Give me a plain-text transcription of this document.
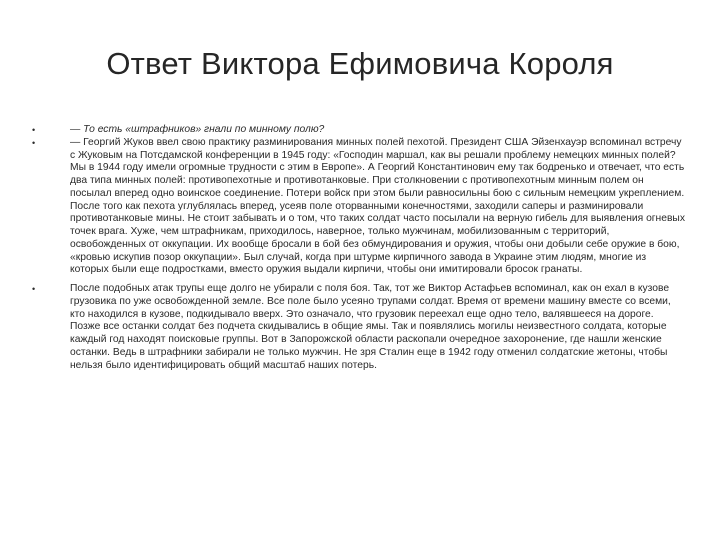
Ответ Виктора Ефимовича Короля
•	— То есть «штрафников» гнали по минному полю?
•	— Георгий Жуков ввел свою практику разминирования минных полей пехотой. Президент США Эйзенхауэр вспоминал встречу с Жуковым на Потсдамской конференции в 1945 году: «Господин маршал, как вы решали проблему немецких минных полей? Мы в 1944 году имели огромные трудности с этим в Европе». А Георгий Константинович ему так бодренько и отвечает, что есть два типа минных полей: противопехотные и противотанковые. При столкновении с противопехотным минным полем он посылал вперед одно воинское соединение. Потери войск при этом были равносильны бою с сильным немецким укреплением. После того как пехота углублялась вперед, усеяв поле оторванными конечностями, заходили саперы и разминировали противотанковые мины. Не стоит забывать и о том, что таких солдат часто посылали на верную гибель для выявления огневых точек врага. Хуже, чем штрафникам, приходилось, наверное, только мужчинам, мобилизованным с территорий, освобожденных от оккупации. Их вообще бросали в бой без обмундирования и оружия, чтобы они добыли себе оружие в бою, «кровью искупив позор оккупации». Был случай, когда при штурме кирпичного завода в Украине этим людям, многие из которых были еще подростками, вместо оружия выдали кирпичи, чтобы они имитировали бросок гранаты.
•	После подобных атак трупы еще долго не убирали с поля боя. Так, тот же Виктор Астафьев вспоминал, как он ехал в кузове грузовика по уже освобожденной земле. Все поле было усеяно трупами солдат. Время от времени машину вместе со всеми, кто находился в кузове, подкидывало вверх. Это означало, что грузовик переехал еще одно тело, валявшееся на дороге. Позже все останки солдат без подчета скидывались в общие ямы. Так и появлялись могилы неизвестного солдата, которые каждый год находят поисковые группы. Вот в Запорожской области раскопали очередное захоронение, где нашли женские останки. Ведь в штрафники забирали не только мужчин. Не зря Сталин еще в 1942 году отменил солдатские жетоны, чтобы нельзя было идентифицировать общий масштаб наших потерь.
